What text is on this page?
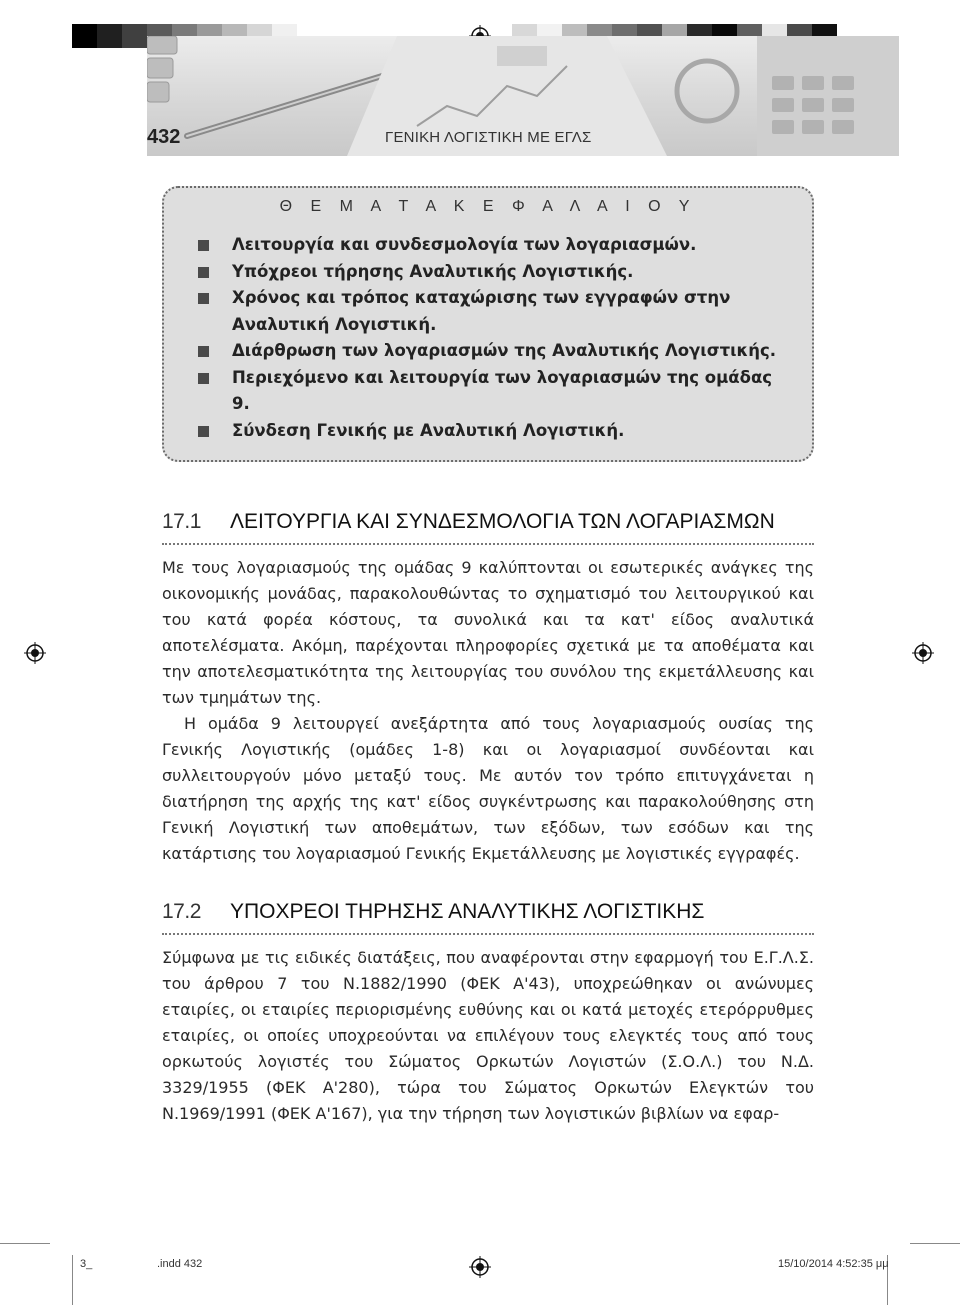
432	ΓΕΝΙΚΗ ΛΟΓΙΣΤΙΚΗ ΜΕ ΕΓΛΣ
Θ Ε Μ Α Τ Α Κ Ε Φ Α Λ Α Ι Ο Υ
Λειτουργία και συνδεσμολογία των λογαριασμών.
Υπόχρεοι τήρησης Αναλυτικής Λογιστικής.
Χρόνος και τρόπος καταχώρισης των εγγραφών στην Αναλυτική Λογιστική.
Διάρθρωση των λογαριασμών της Αναλυτικής Λογιστικής.
Περιεχόμενο και λειτουργία των λογαριασμών της ομάδας 9.
Σύνδεση Γενικής με Αναλυτική Λογιστική.
17.1	ΛΕΙΤΟΥΡΓΙΑ ΚΑΙ ΣΥΝΔΕΣΜΟΛΟΓΙΑ ΤΩΝ ΛΟΓΑΡΙΑΣΜΩΝ

Με τους λογαριασμούς της ομάδας 9 καλύπτονται οι εσωτερικές ανάγκες της οικονομικής μονάδας, παρακολουθώντας το σχηματισμό του λειτουργικού και του κατά φορέα κόστους, τα συνολικά και τα κατ' είδος αναλυτικά αποτελέσματα. Ακόμη, παρέχονται πληροφορίες σχετικά με τα αποθέματα και την αποτελεσματικότητα της λειτουργίας του συνόλου της εκμετάλλευσης και των τμημάτων της.

Η ομάδα 9 λειτουργεί ανεξάρτητα από τους λογαριασμούς ουσίας της Γενικής Λογιστικής (ομάδες 1-8) και οι λογαριασμοί συνδέονται και συλλειτουργούν μόνο μεταξύ τους. Με αυτόν τον τρόπο επιτυγχάνεται η διατήρηση της αρχής της κατ' είδος συγκέντρωσης και παρακολούθησης στη Γενική Λογιστική των αποθεμάτων, των εξόδων, των εσόδων και της κατάρτισης του λογαριασμού Γενικής Εκμετάλλευσης με λογιστικές εγγραφές.

17.2	ΥΠΟΧΡΕΟΙ ΤΗΡΗΣΗΣ ΑΝΑΛΥΤΙΚΗΣ ΛΟΓΙΣΤΙΚΗΣ

Σύμφωνα με τις ειδικές διατάξεις, που αναφέρονται στην εφαρμογή του Ε.Γ.Λ.Σ. του άρθρου 7 του Ν.1882/1990 (ΦΕΚ Α'43), υποχρεώθηκαν οι ανώνυμες εταιρίες, οι εταιρίες περιορισμένης ευθύνης και οι κατά μετοχές ετερόρρυθμες εταιρίες, οι οποίες υποχρεούνται να επιλέγουν τους ελεγκτές τους από τους ορκωτούς λογιστές του Σώματος Ορκωτών Λογιστών (Σ.Ο.Λ.) του Ν.Δ. 3329/1955 (ΦΕΚ Α'280), τώρα του Σώματος Ορκωτών Ελεγκτών του Ν.1969/1991 (ΦΕΚ Α'167), για την τήρηση των λογιστικών βιβλίων να εφαρ-

3_	.indd 432	15/10/2014 4:52:35 μμ
